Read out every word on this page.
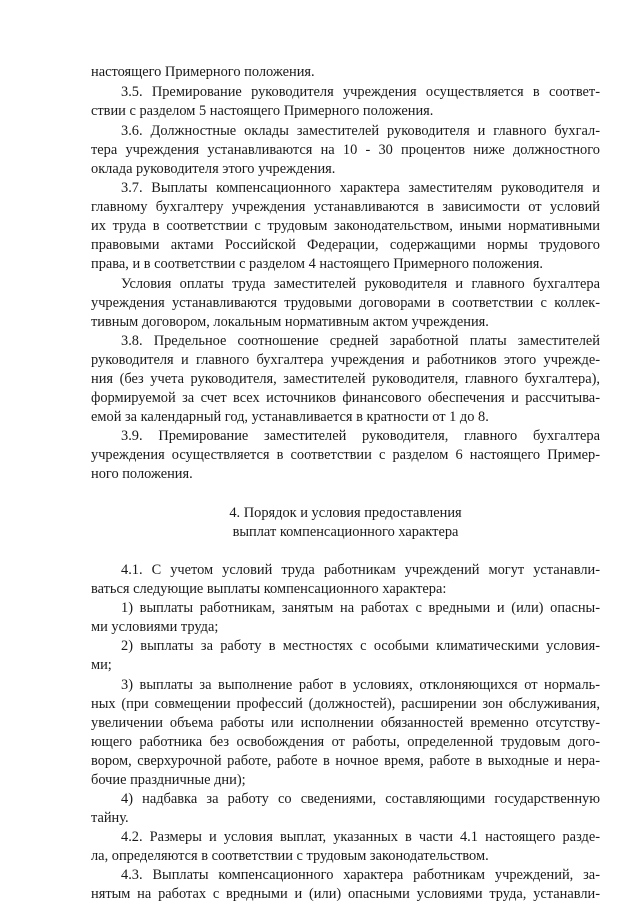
настоящего Примерного положения.
3.5. Премирование руководителя учреждения осуществляется в соответ-
ствии с разделом 5 настоящего Примерного положения.
3.6. Должностные оклады заместителей руководителя и главного бухгал-
тера учреждения устанавливаются на 10 - 30 процентов ниже должностного
оклада руководителя этого учреждения.
3.7. Выплаты компенсационного характера заместителям руководителя и
главному бухгалтеру учреждения устанавливаются в зависимости от условий
их труда в соответствии с трудовым законодательством, иными нормативными
правовыми актами Российской Федерации, содержащими нормы трудового
права, и в соответствии с разделом 4 настоящего Примерного положения.
Условия оплаты труда заместителей руководителя и главного бухгалтера
учреждения устанавливаются трудовыми договорами в соответствии с коллек-
тивным договором, локальным нормативным актом учреждения.
3.8. Предельное соотношение средней заработной платы заместителей
руководителя и главного бухгалтера учреждения и работников этого учрежде-
ния (без учета руководителя, заместителей руководителя, главного бухгалтера),
формируемой за счет всех источников финансового обеспечения и рассчитыва-
емой за календарный год, устанавливается в кратности от 1 до 8.
3.9. Премирование заместителей руководителя, главного бухгалтера
учреждения осуществляется в соответствии с разделом 6 настоящего Пример-
ного положения.
4. Порядок и условия предоставления
выплат компенсационного характера
4.1. С учетом условий труда работникам учреждений могут устанавли-
ваться следующие выплаты компенсационного характера:
1) выплаты работникам, занятым на работах с вредными и (или) опасны-
ми условиями труда;
2) выплаты за работу в местностях с особыми климатическими условия-
ми;
3) выплаты за выполнение работ в условиях, отклоняющихся от нормаль-
ных (при совмещении профессий (должностей), расширении зон обслуживания,
увеличении объема работы или исполнении обязанностей временно отсутству-
ющего работника без освобождения от работы, определенной трудовым дого-
вором, сверхурочной работе, работе в ночное время, работе в выходные и нера-
бочие праздничные дни);
4) надбавка за работу со сведениями, составляющими государственную
тайну.
4.2. Размеры и условия выплат, указанных в части 4.1 настоящего разде-
ла, определяются в соответствии с трудовым законодательством.
4.3. Выплаты компенсационного характера работникам учреждений, за-
нятым на работах с вредными и (или) опасными условиями труда, устанавли-
